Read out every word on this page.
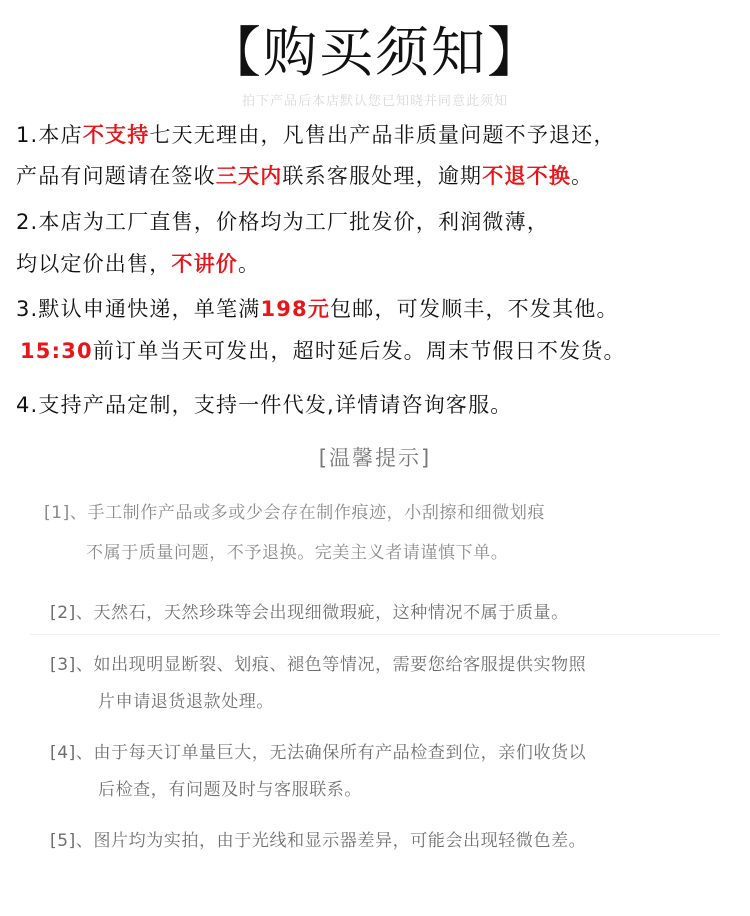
【购买须知】
拍下产品后本店默认您已知晓并同意此须知
1.本店不支持七天无理由，凡售出产品非质量问题不予退还，
产品有问题请在签收三天内联系客服处理，逾期不退不换。
2.本店为工厂直售，价格均为工厂批发价，利润微薄，
均以定价出售，不讲价。
3.默认申通快递，单笔满198元包邮，可发顺丰，不发其他。
15:30前订单当天可发出，超时延后发。周末节假日不发货。
4.支持产品定制，支持一件代发,详情请咨询客服。
[温馨提示]
[1]、手工制作产品或多或少会存在制作痕迹，小刮擦和细微划痕
不属于质量问题，不予退换。完美主义者请谨慎下单。
[2]、天然石，天然珍珠等会出现细微瑕疵，这种情况不属于质量。
[3]、如出现明显断裂、划痕、褪色等情况，需要您给客服提供实物照
片申请退货退款处理。
[4]、由于每天订单量巨大，无法确保所有产品检查到位，亲们收货以
后检查，有问题及时与客服联系。
[5]、图片均为实拍，由于光线和显示器差异，可能会出现轻微色差。
